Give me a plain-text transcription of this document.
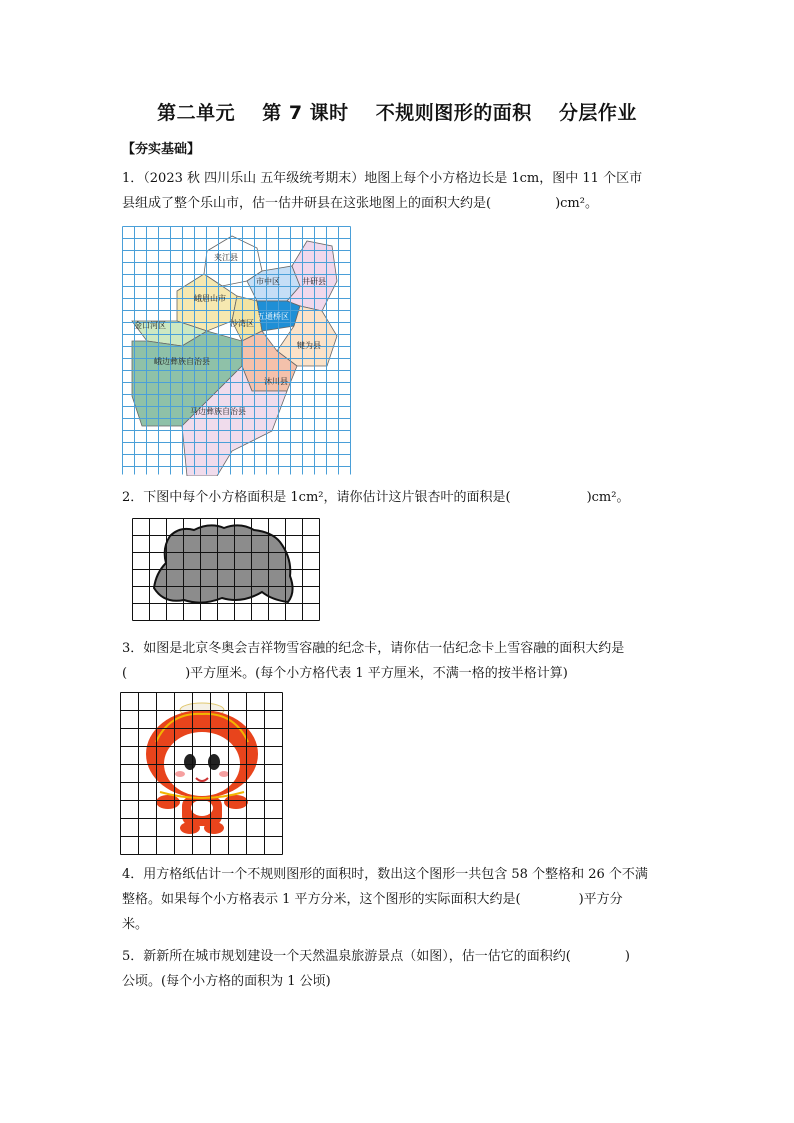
第二单元 第 7 课时 不规则图形的面积 分层作业
【夯实基础】
1．（2023 秋 四川乐山 五年级统考期末）地图上每个小方格边长是 1cm，图中 11 个区市
县组成了整个乐山市，估一估井研县在这张地图上的面积大约是(	)cm²。
夹江县
市中区	井研县
峨眉山市
沙湾区
五通桥区
金口河区
犍为县
峨边彝族自治县
沐川县
马边彝族自治县
2．下图中每个小方格面积是 1cm²，请你估计这片银杏叶的面积是(	)cm²。
3．如图是北京冬奥会吉祥物雪容融的纪念卡，请你估一估纪念卡上雪容融的面积大约是
(	)平方厘米。(每个小方格代表 1 平方厘米，不满一格的按半格计算)
4．用方格纸估计一个不规则图形的面积时，数出这个图形一共包含 58 个整格和 26 个不满
整格。如果每个小方格表示 1 平方分米，这个图形的实际面积大约是(	)平方分
米。
5．新新所在城市规划建设一个天然温泉旅游景点（如图），估一估它的面积约(	)
公顷。(每个小方格的面积为 1 公顷)
